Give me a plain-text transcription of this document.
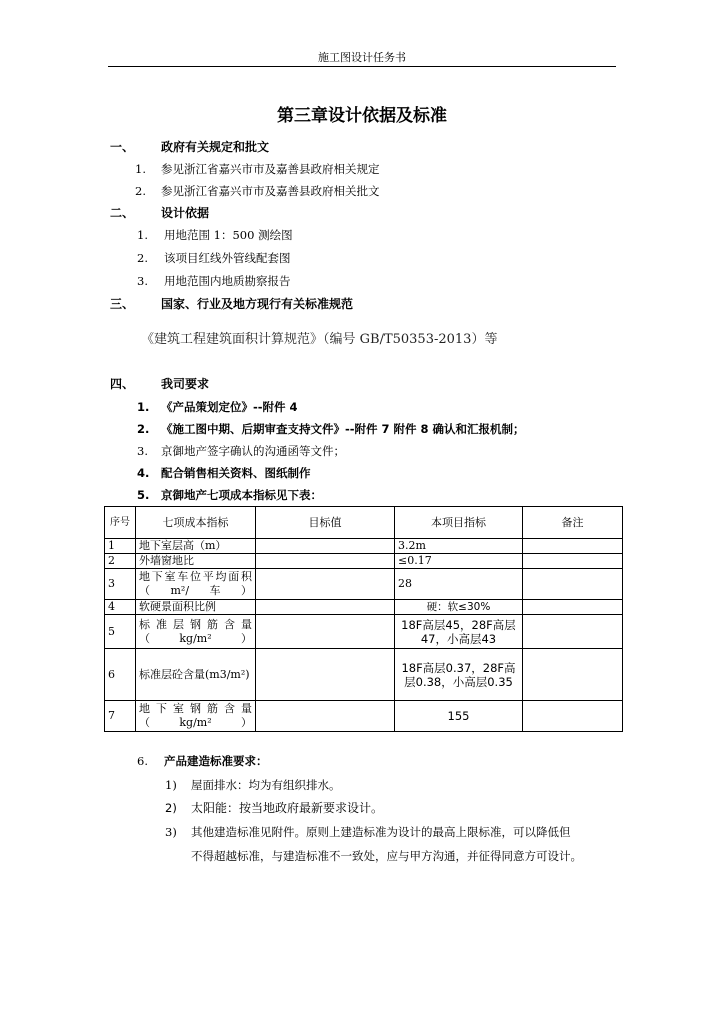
施工图设计任务书
第三章设计依据及标准
一、 政府有关规定和批文
1. 参见浙江省嘉兴市市及嘉善县政府相关规定
2. 参见浙江省嘉兴市市及嘉善县政府相关批文
二、 设计依据
1. 用地范围 1：500 测绘图
2. 该项目红线外管线配套图
3. 用地范围内地质勘察报告
三、 国家、行业及地方现行有关标准规范
《建筑工程建筑面积计算规范》（编号 GB/T50353-2013）等
四、 我司要求
1. 《产品策划定位》--附件 4
2. 《施工图中期、后期审查支持文件》--附件 7 附件 8 确认和汇报机制；
3. 京御地产签字确认的沟通函等文件；
4. 配合销售相关资料、图纸制作
5. 京御地产七项成本指标见下表：
序号	七项成本指标	目标值	本项目指标	备注
1	地下室层高（m）		3.2m	
2	外墙窗地比		≤0.17	
3	地下室车位平均面积（m²/车）		28	
4	软硬景面积比例		硬：软≤30%	
5	标准层钢筋含量（kg/m²）		18F高层45，28F高层47，小高层43	
6	标准层砼含量(m3/m²)		18F高层0.37，28F高层0.38，小高层0.35	
7	地下室钢筋含量（kg/m²）		155	
6. 产品建造标准要求：
1) 屋面排水：均为有组织排水。
2) 太阳能：按当地政府最新要求设计。
3) 其他建造标准见附件。原则上建造标准为设计的最高上限标准，可以降低但
不得超越标准，与建造标准不一致处，应与甲方沟通，并征得同意方可设计。
